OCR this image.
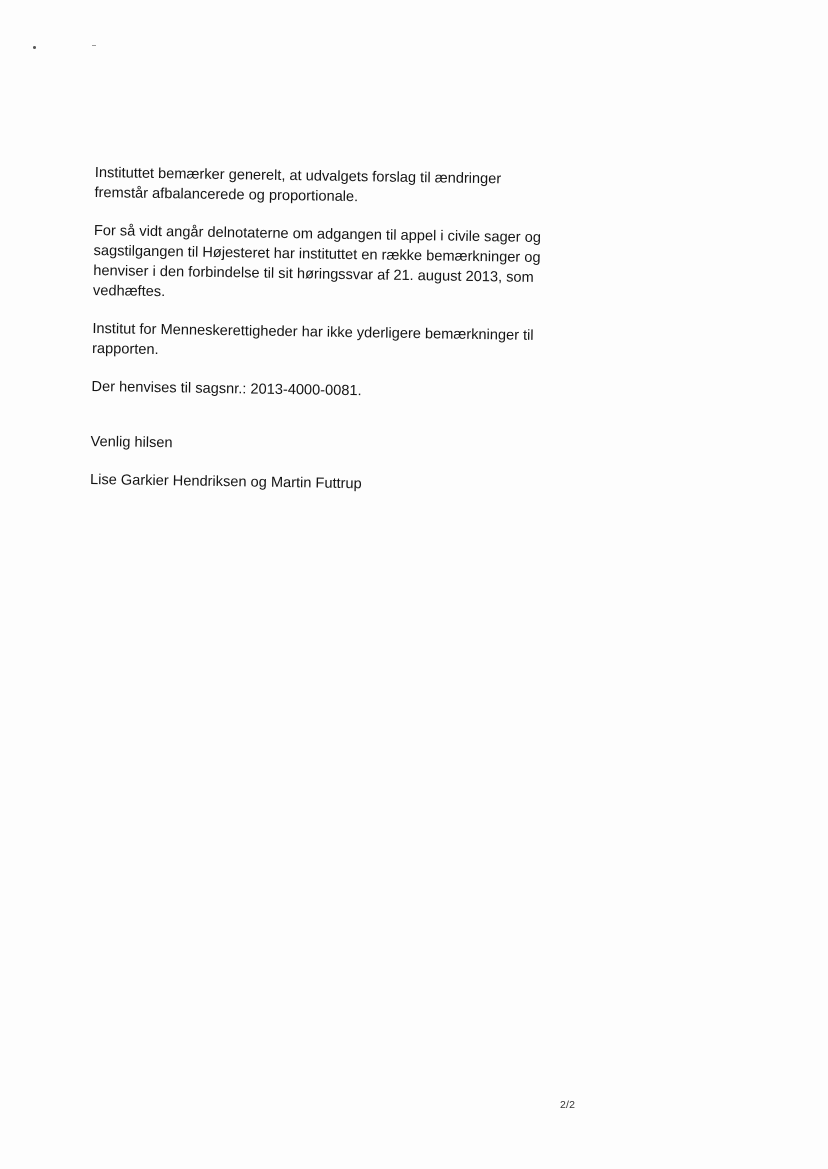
Instituttet bemærker generelt, at udvalgets forslag til ændringer
fremstår afbalancerede og proportionale.

For så vidt angår delnotaterne om adgangen til appel i civile sager og
sagstilgangen til Højesteret har instituttet en række bemærkninger og
henviser i den forbindelse til sit høringssvar af 21. august 2013, som
vedhæftes.

Institut for Menneskerettigheder har ikke yderligere bemærkninger til
rapporten.

Der henvises til sagsnr.: 2013-4000-0081.

Venlig hilsen

Lise Garkier Hendriksen og Martin Futtrup

2/2
